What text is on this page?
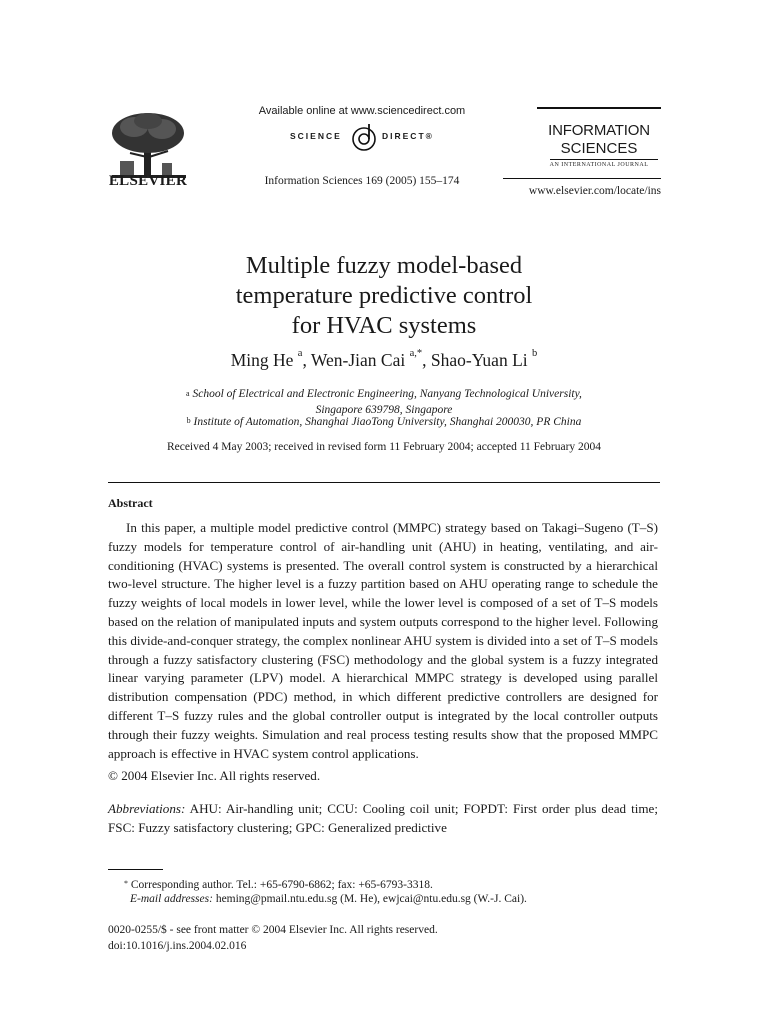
ELSEVIER
Available online at www.sciencedirect.com
SCIENCE	DIRECT®
Information Sciences 169 (2005) 155–174
INFORMATION
SCIENCES
AN INTERNATIONAL JOURNAL
www.elsevier.com/locate/ins
Multiple fuzzy model-based
temperature predictive control
for HVAC systems
Ming He $^a$, Wen-Jian Cai $^{a,*}$, Shao-Yuan Li $^b$
$^a$ School of Electrical and Electronic Engineering, Nanyang Technological University,
Singapore 639798, Singapore
$^b$ Institute of Automation, Shanghai JiaoTong University, Shanghai 200030, PR China
Received 4 May 2003; received in revised form 11 February 2004; accepted 11 February 2004
Abstract
In this paper, a multiple model predictive control (MMPC) strategy based on Takagi–Sugeno (T–S) fuzzy models for temperature control of air-handling unit (AHU) in heating, ventilating, and air-conditioning (HVAC) systems is presented. The overall control system is constructed by a hierarchical two-level structure. The higher level is a fuzzy partition based on AHU operating range to schedule the fuzzy weights of local models in lower level, while the lower level is composed of a set of T–S models based on the relation of manipulated inputs and system outputs correspond to the higher level. Following this divide-and-conquer strategy, the complex nonlinear AHU system is divided into a set of T–S models through a fuzzy satisfactory clustering (FSC) methodology and the global system is a fuzzy integrated linear varying parameter (LPV) model. A hierarchical MMPC strategy is developed using parallel distribution compensation (PDC) method, in which different predictive controllers are designed for different T–S fuzzy rules and the global controller output is integrated by the local controller outputs through their fuzzy weights. Simulation and real process testing results show that the proposed MMPC approach is effective in HVAC system control applications.
© 2004 Elsevier Inc. All rights reserved.
Abbreviations: AHU: Air-handling unit; CCU: Cooling coil unit; FOPDT: First order plus dead time; FSC: Fuzzy satisfactory clustering; GPC: Generalized predictive
* Corresponding author. Tel.: +65-6790-6862; fax: +65-6793-3318.
E-mail addresses: heming@pmail.ntu.edu.sg (M. He), ewjcai@ntu.edu.sg (W.-J. Cai).
0020-0255/$ - see front matter © 2004 Elsevier Inc. All rights reserved.
doi:10.1016/j.ins.2004.02.016
